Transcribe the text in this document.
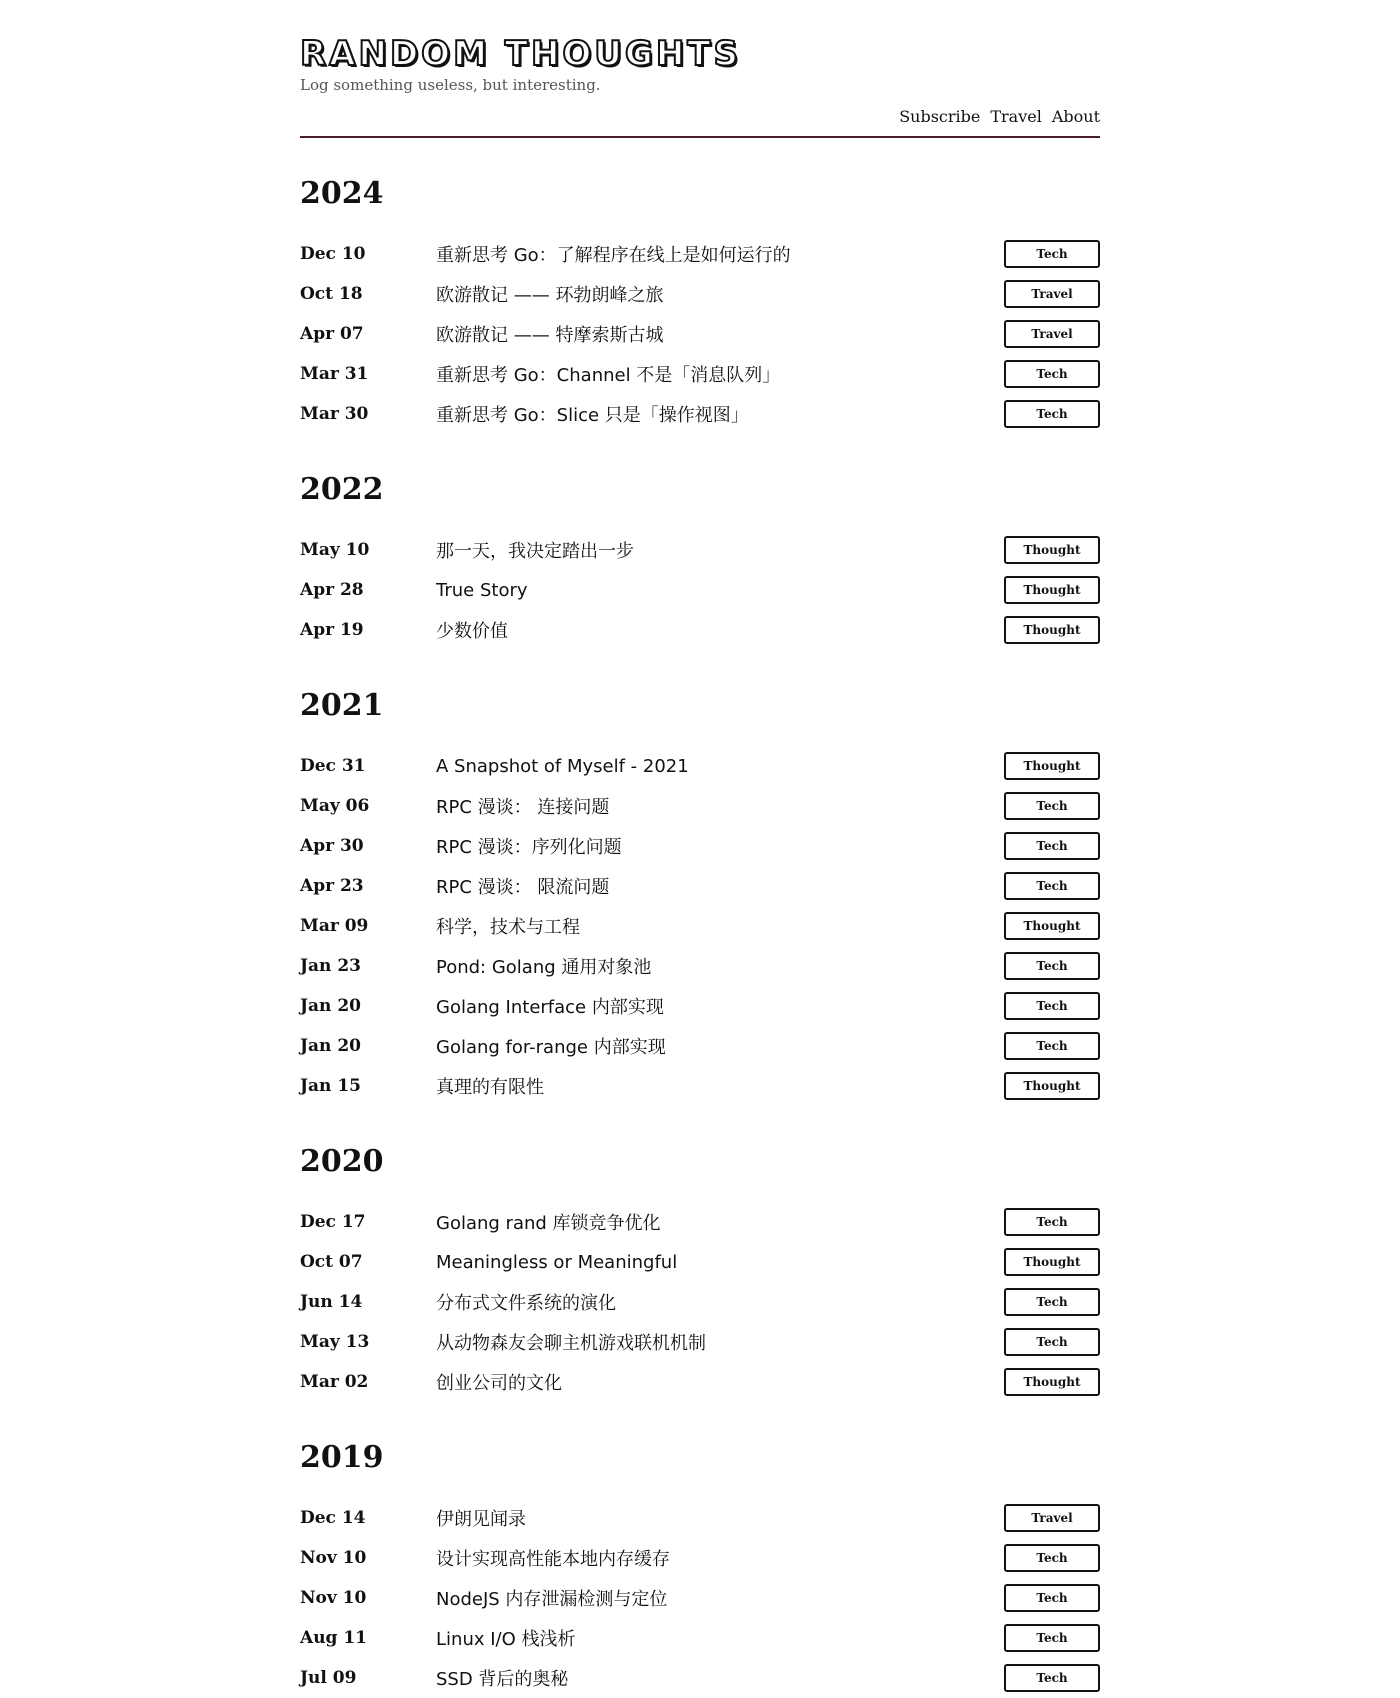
RANDOM THOUGHTS
Log something useless, but interesting.
Subscribe Travel About
2024
Dec 10	重新思考 Go：了解程序在线上是如何运行的	Tech
Oct 18	欧游散记 —— 环勃朗峰之旅	Travel
Apr 07	欧游散记 —— 特摩索斯古城	Travel
Mar 31	重新思考 Go：Channel 不是「消息队列」	Tech
Mar 30	重新思考 Go：Slice 只是「操作视图」	Tech
2022
May 10	那一天，我决定踏出一步	Thought
Apr 28	True Story	Thought
Apr 19	少数价值	Thought
2021
Dec 31	A Snapshot of Myself - 2021	Thought
May 06	RPC 漫谈： 连接问题	Tech
Apr 30	RPC 漫谈：序列化问题	Tech
Apr 23	RPC 漫谈： 限流问题	Tech
Mar 09	科学，技术与工程	Thought
Jan 23	Pond: Golang 通用对象池	Tech
Jan 20	Golang Interface 内部实现	Tech
Jan 20	Golang for-range 内部实现	Tech
Jan 15	真理的有限性	Thought
2020
Dec 17	Golang rand 库锁竞争优化	Tech
Oct 07	Meaningless or Meaningful	Thought
Jun 14	分布式文件系统的演化	Tech
May 13	从动物森友会聊主机游戏联机机制	Tech
Mar 02	创业公司的文化	Thought
2019
Dec 14	伊朗见闻录	Travel
Nov 10	设计实现高性能本地内存缓存	Tech
Nov 10	NodeJS 内存泄漏检测与定位	Tech
Aug 11	Linux I/O 栈浅析	Tech
Jul 09	SSD 背后的奥秘	Tech
